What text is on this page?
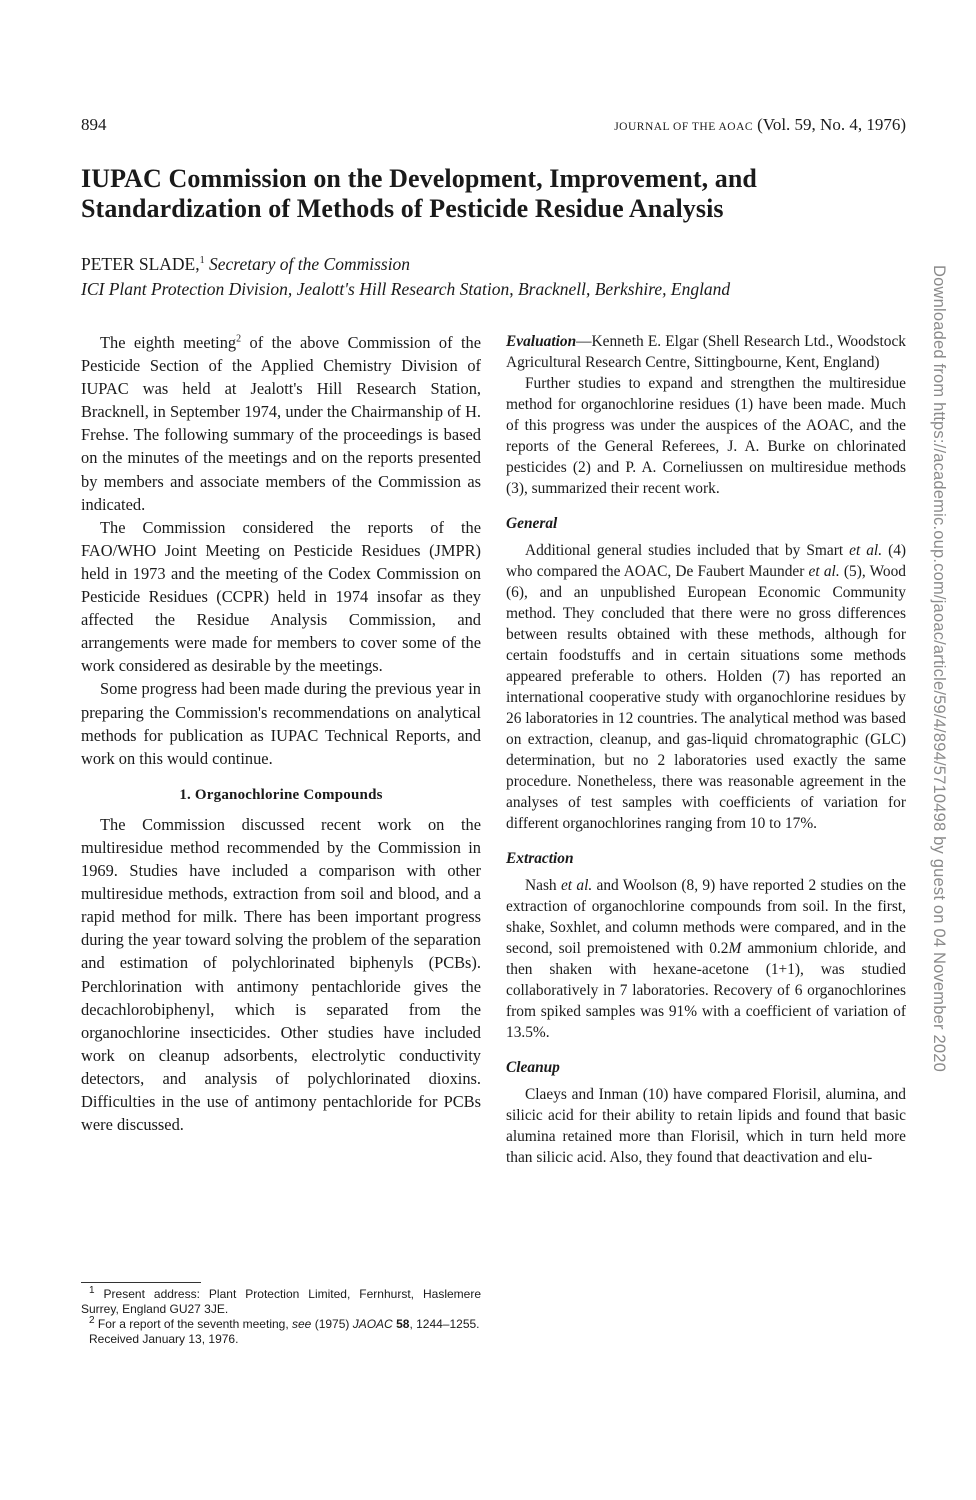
894	JOURNAL OF THE AOAC (Vol. 59, No. 4, 1976)
IUPAC Commission on the Development, Improvement, and Standardization of Methods of Pesticide Residue Analysis
PETER SLADE,$^1$ Secretary of the Commission
ICI Plant Protection Division, Jealott's Hill Research Station, Bracknell, Berkshire, England

The eighth meeting$^2$ of the above Commission of the Pesticide Section of the Applied Chemistry Division of IUPAC was held at Jealott's Hill Research Station, Bracknell, in September 1974, under the Chairmanship of H. Frehse. The following summary of the proceedings is based on the minutes of the meetings and on the reports presented by members and associate members of the Commission as indicated.

The Commission considered the reports of the FAO/WHO Joint Meeting on Pesticide Residues (JMPR) held in 1973 and the meeting of the Codex Commission on Pesticide Residues (CCPR) held in 1974 insofar as they affected the Residue Analysis Commission, and arrangements were made for members to cover some of the work considered as desirable by the meetings.

Some progress had been made during the previous year in preparing the Commission's recommendations on analytical methods for publication as IUPAC Technical Reports, and work on this would continue.

1. Organochlorine Compounds

The Commission discussed recent work on the multiresidue method recommended by the Commission in 1969. Studies have included a comparison with other multiresidue methods, extraction from soil and blood, and a rapid method for milk. There has been important progress during the year toward solving the problem of the separation and estimation of polychlorinated biphenyls (PCBs). Perchlorination with antimony pentachloride gives the decachlorobiphenyl, which is separated from the organochlorine insecticides. Other studies have included work on cleanup adsorbents, electrolytic conductivity detectors, and analysis of polychlorinated dioxins. Difficulties in the use of antimony pentachloride for PCBs were discussed.

$^1$ Present address: Plant Protection Limited, Fernhurst, Haslemere Surrey, England GU27 3JE.

$^2$ For a report of the seventh meeting, see (1975) JAOAC 58, 1244–1255.

Received January 13, 1976.

Evaluation—Kenneth E. Elgar (Shell Research Ltd., Woodstock Agricultural Research Centre, Sittingbourne, Kent, England)

Further studies to expand and strengthen the multiresidue method for organochlorine residues (1) have been made. Much of this progress was under the auspices of the AOAC, and the reports of the General Referees, J. A. Burke on chlorinated pesticides (2) and P. A. Corneliussen on multiresidue methods (3), summarized their recent work.

General

Additional general studies included that by Smart et al. (4) who compared the AOAC, De Faubert Maunder et al. (5), Wood (6), and an unpublished European Economic Community method. They concluded that there were no gross differences between results obtained with these methods, although for certain foodstuffs and in certain situations some methods appeared preferable to others. Holden (7) has reported an international cooperative study with organochlorine residues by 26 laboratories in 12 countries. The analytical method was based on extraction, cleanup, and gas-liquid chromatographic (GLC) determination, but no 2 laboratories used exactly the same procedure. Nonetheless, there was reasonable agreement in the analyses of test samples with coefficients of variation for different organochlorines ranging from 10 to 17%.

Extraction

Nash et al. and Woolson (8, 9) have reported 2 studies on the extraction of organochlorine compounds from soil. In the first, shake, Soxhlet, and column methods were compared, and in the second, soil premoistened with 0.2M ammonium chloride, and then shaken with hexane-acetone (1+1), was studied collaboratively in 7 laboratories. Recovery of 6 organochlorines from spiked samples was 91% with a coefficient of variation of 13.5%.

Cleanup

Claeys and Inman (10) have compared Florisil, alumina, and silicic acid for their ability to retain lipids and found that basic alumina retained more than Florisil, which in turn held more than silicic acid. Also, they found that deactivation and elu-

Downloaded from https://academic.oup.com/jaoac/article/59/4/894/5710498 by guest on 04 November 2020
